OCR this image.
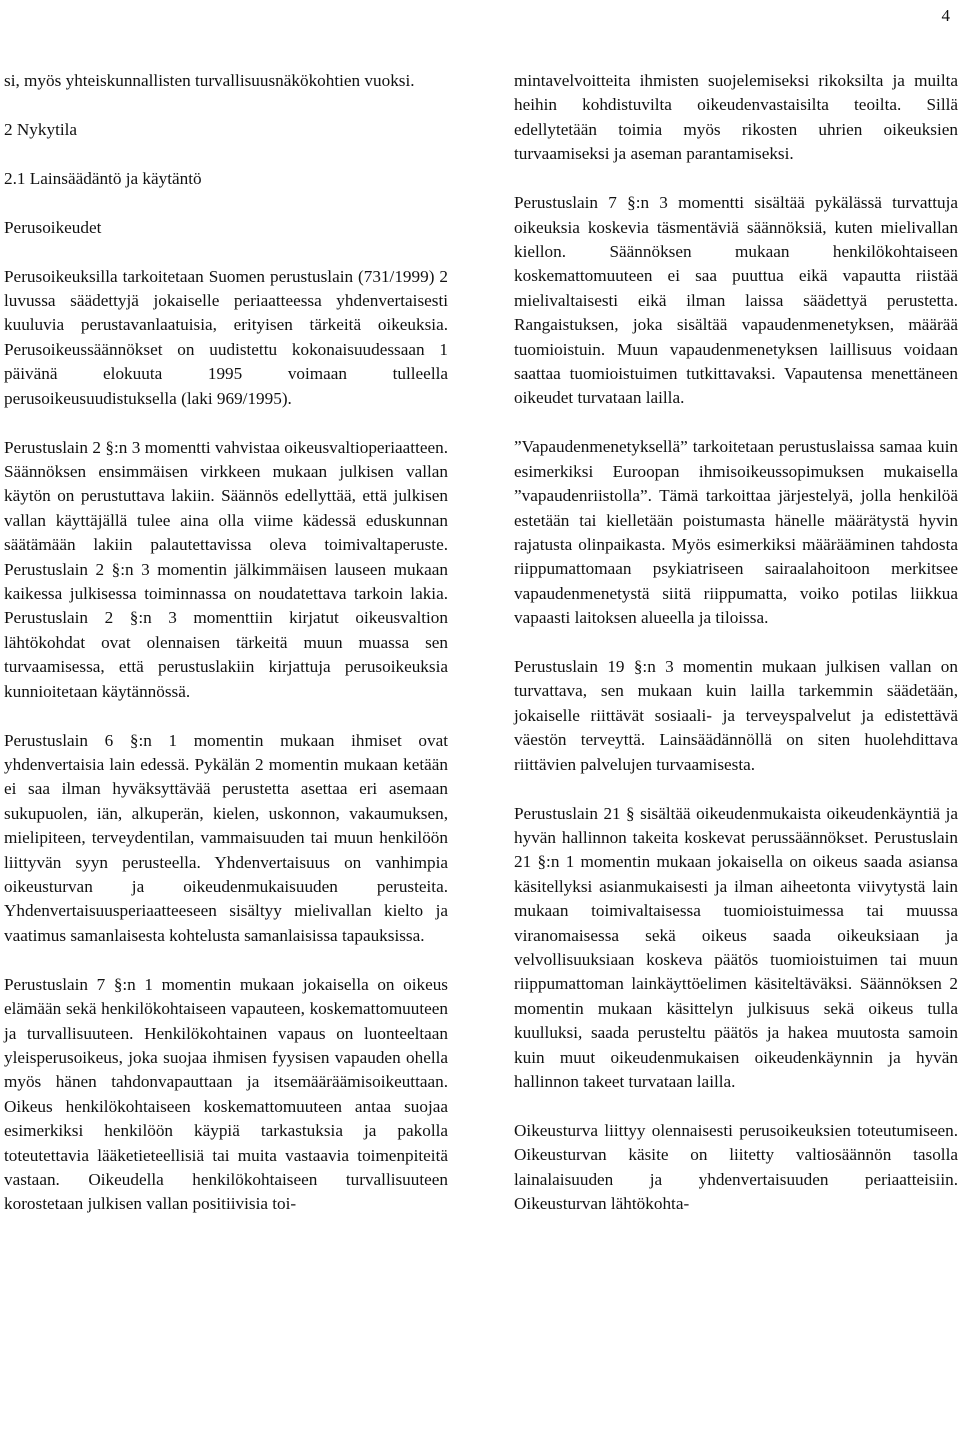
4

si, myös yhteiskunnallisten turvallisuusnäkökohtien vuoksi.

2 Nykytila
2.1 Lainsäädäntö ja käytäntö
Perusoikeudet

Perusoikeuksilla tarkoitetaan Suomen perustuslain (731/1999) 2 luvussa säädettyjä jokaiselle periaatteessa yhdenvertaisesti kuuluvia perustavanlaatuisia, erityisen tärkeitä oikeuksia. Perusoikeussäännökset on uudistettu kokonaisuudessaan 1 päivänä elokuuta 1995 voimaan tulleella perusoikeusuudistuksella (laki 969/1995).

Perustuslain 2 §:n 3 momentti vahvistaa oikeusvaltioperiaatteen. Säännöksen ensimmäisen virkkeen mukaan julkisen vallan käytön on perustuttava lakiin. Säännös edellyttää, että julkisen vallan käyttäjällä tulee aina olla viime kädessä eduskunnan säätämään lakiin palautettavissa oleva toimivaltaperuste. Perustuslain 2 §:n 3 momentin jälkimmäisen lauseen mukaan kaikessa julkisessa toiminnassa on noudatettava tarkoin lakia. Perustuslain 2 §:n 3 momenttiin kirjatut oikeusvaltion lähtökohdat ovat olennaisen tärkeitä muun muassa sen turvaamisessa, että perustuslakiin kirjattuja perusoikeuksia kunnioitetaan käytännössä.

Perustuslain 6 §:n 1 momentin mukaan ihmiset ovat yhdenvertaisia lain edessä. Pykälän 2 momentin mukaan ketään ei saa ilman hyväksyttävää perustetta asettaa eri asemaan sukupuolen, iän, alkuperän, kielen, uskonnon, vakaumuksen, mielipiteen, terveydentilan, vammaisuuden tai muun henkilöön liittyvän syyn perusteella. Yhdenvertaisuus on vanhimpia oikeusturvan ja oikeudenmukaisuuden perusteita. Yhdenvertaisuusperiaatteeseen sisältyy mielivallan kielto ja vaatimus samanlaisesta kohtelusta samanlaisissa tapauksissa.

Perustuslain 7 §:n 1 momentin mukaan jokaisella on oikeus elämään sekä henkilökohtaiseen vapauteen, koskemattomuuteen ja turvallisuuteen. Henkilökohtainen vapaus on luonteeltaan yleisperusoikeus, joka suojaa ihmisen fyysisen vapauden ohella myös hänen tahdonvapauttaan ja itsemääräämisoikeuttaan. Oikeus henkilökohtaiseen koskemattomuuteen antaa suojaa esimerkiksi henkilöön käypiä tarkastuksia ja pakolla toteutettavia lääketieteellisiä tai muita vastaavia toimenpiteitä vastaan. Oikeudella henkilökohtaiseen turvallisuuteen korostetaan julkisen vallan positiivisia toi-

mintavelvoitteita ihmisten suojelemiseksi rikoksilta ja muilta heihin kohdistuvilta oikeudenvastaisilta teoilta. Sillä edellytetään toimia myös rikosten uhrien oikeuksien turvaamiseksi ja aseman parantamiseksi.

Perustuslain 7 §:n 3 momentti sisältää pykälässä turvattuja oikeuksia koskevia täsmentäviä säännöksiä, kuten mielivallan kiellon. Säännöksen mukaan henkilökohtaiseen koskemattomuuteen ei saa puuttua eikä vapautta riistää mielivaltaisesti eikä ilman laissa säädettyä perustetta. Rangaistuksen, joka sisältää vapaudenmenetyksen, määrää tuomioistuin. Muun vapaudenmenetyksen laillisuus voidaan saattaa tuomioistuimen tutkittavaksi. Vapautensa menettäneen oikeudet turvataan lailla.

”Vapaudenmenetyksellä” tarkoitetaan perustuslaissa samaa kuin esimerkiksi Euroopan ihmisoikeussopimuksen mukaisella ”vapaudenriistolla”. Tämä tarkoittaa järjestelyä, jolla henkilöä estetään tai kielletään poistumasta hänelle määrätystä hyvin rajatusta olinpaikasta. Myös esimerkiksi määrääminen tahdosta riippumattomaan psykiatriseen sairaalahoitoon merkitsee vapaudenmenetystä siitä riippumatta, voiko potilas liikkua vapaasti laitoksen alueella ja tiloissa.

Perustuslain 19 §:n 3 momentin mukaan julkisen vallan on turvattava, sen mukaan kuin lailla tarkemmin säädetään, jokaiselle riittävät sosiaali- ja terveyspalvelut ja edistettävä väestön terveyttä. Lainsäädännöllä on siten huolehdittava riittävien palvelujen turvaamisesta.

Perustuslain 21 § sisältää oikeudenmukaista oikeudenkäyntiä ja hyvän hallinnon takeita koskevat perussäännökset. Perustuslain 21 §:n 1 momentin mukaan jokaisella on oikeus saada asiansa käsitellyksi asianmukaisesti ja ilman aiheetonta viivytystä lain mukaan toimivaltaisessa tuomioistuimessa tai muussa viranomaisessa sekä oikeus saada oikeuksiaan ja velvollisuuksiaan koskeva päätös tuomioistuimen tai muun riippumattoman lainkäyttöelimen käsiteltäväksi. Säännöksen 2 momentin mukaan käsittelyn julkisuus sekä oikeus tulla kuulluksi, saada perusteltu päätös ja hakea muutosta samoin kuin muut oikeudenmukaisen oikeudenkäynnin ja hyvän hallinnon takeet turvataan lailla.

Oikeusturva liittyy olennaisesti perusoikeuksien toteutumiseen. Oikeusturvan käsite on liitetty valtiosäännön tasolla lainalaisuuden ja yhdenvertaisuuden periaatteisiin. Oikeusturvan lähtökohta-
